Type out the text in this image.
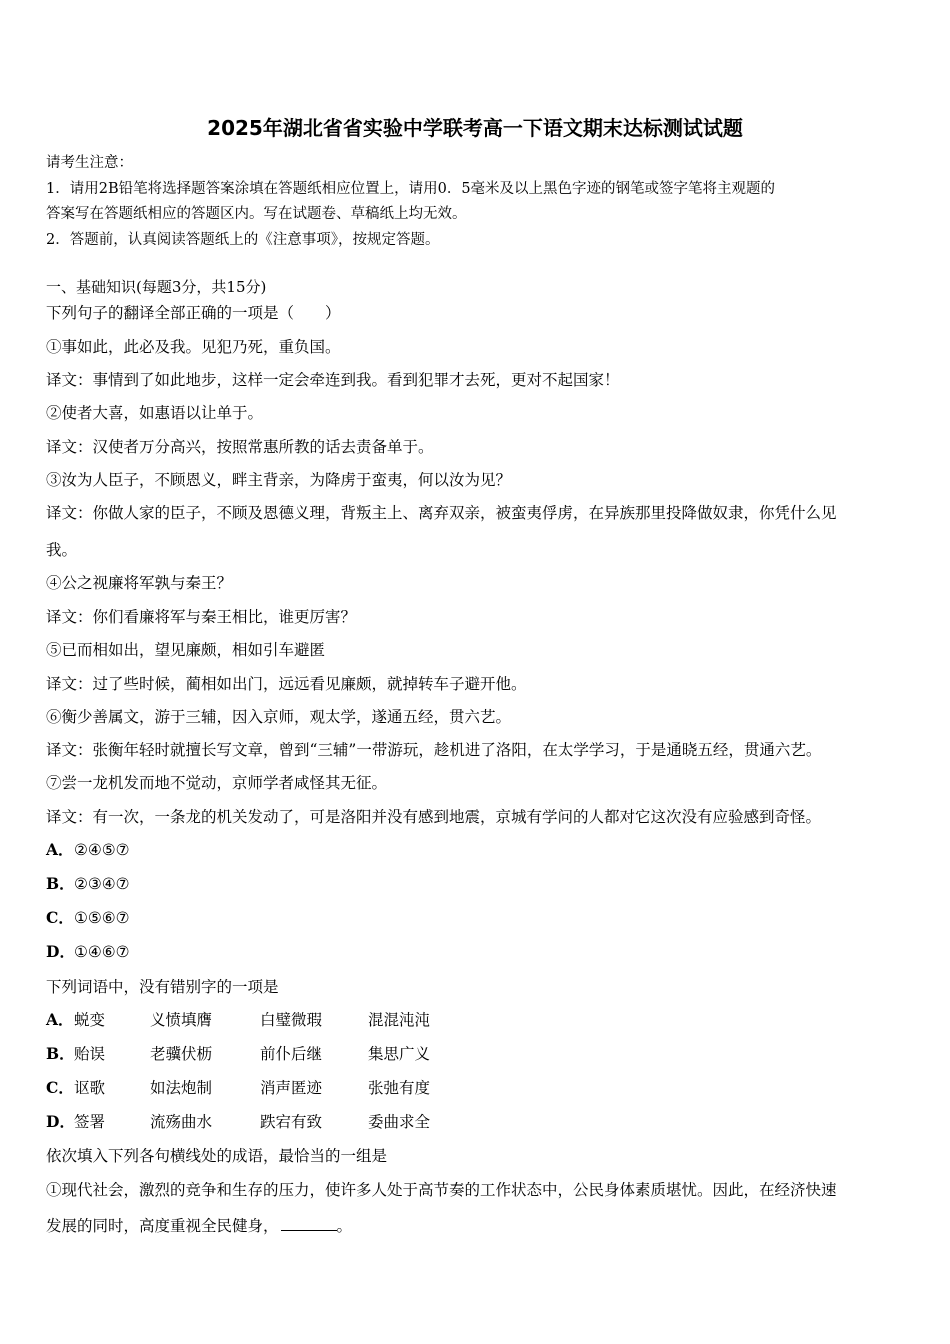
2025年湖北省省实验中学联考高一下语文期末达标测试试题
请考生注意：
1．请用2B铅笔将选择题答案涂填在答题纸相应位置上，请用0．5毫米及以上黑色字迹的钢笔或签字笔将主观题的
答案写在答题纸相应的答题区内。写在试题卷、草稿纸上均无效。
2．答题前，认真阅读答题纸上的《注意事项》，按规定答题。
一、基础知识(每题3分，共15分)
下列句子的翻译全部正确的一项是（　　）
①事如此，此必及我。见犯乃死，重负国。
译文：事情到了如此地步，这样一定会牵连到我。看到犯罪才去死，更对不起国家！
②使者大喜，如惠语以让单于。
译文：汉使者万分高兴，按照常惠所教的话去责备单于。
③汝为人臣子，不顾恩义，畔主背亲，为降虏于蛮夷，何以汝为见？
译文：你做人家的臣子，不顾及恩德义理，背叛主上、离弃双亲，被蛮夷俘虏，在异族那里投降做奴隶，你凭什么见
我。
④公之视廉将军孰与秦王？
译文：你们看廉将军与秦王相比，谁更厉害？
⑤已而相如出，望见廉颇，相如引车避匿
译文：过了些时候，蔺相如出门，远远看见廉颇，就掉转车子避开他。
⑥衡少善属文，游于三辅，因入京师，观太学，遂通五经，贯六艺。
译文：张衡年轻时就擅长写文章，曾到“三辅”一带游玩，趁机进了洛阳，在太学学习，于是通晓五经，贯通六艺。
⑦尝一龙机发而地不觉动，京师学者咸怪其无征。
译文：有一次，一条龙的机关发动了，可是洛阳并没有感到地震，京城有学问的人都对它这次没有应验感到奇怪。
A．②④⑤⑦
B．②③④⑦
C．①⑤⑥⑦
D．①④⑥⑦
下列词语中，没有错别字的一项是
A．蜕变	义愤填膺	白璧微瑕	混混沌沌
B．贻误	老骥伏枥	前仆后继	集思广义
C．讴歌	如法炮制	消声匿迹	张弛有度
D．签署	流殇曲水	跌宕有致	委曲求全
依次填入下列各句横线处的成语，最恰当的一组是
①现代社会，激烈的竞争和生存的压力，使许多人处于高节奏的工作状态中，公民身体素质堪忧。因此，在经济快速
发展的同时，高度重视全民健身，	。
